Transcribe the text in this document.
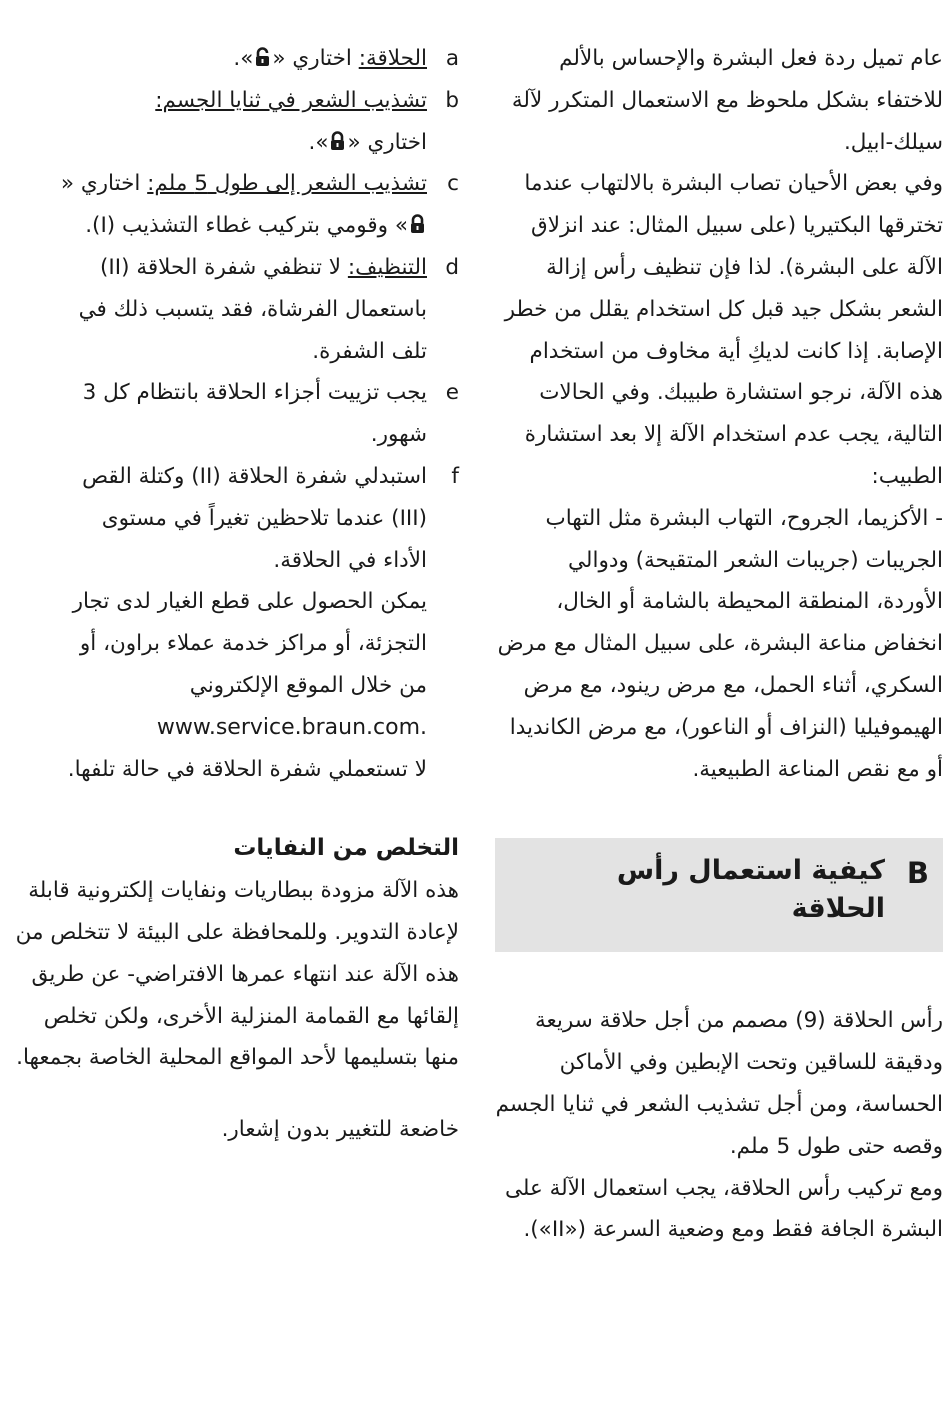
عام تميل ردة فعل البشرة والإحساس بالألم للاختفاء بشكل ملحوظ مع الاستعمال المتكرر لآلة سيلك-ابيل.

وفي بعض الأحيان تصاب البشرة بالالتهاب عندما تخترقها البكتيريا (على سبيل المثال: عند انزلاق الآلة على البشرة). لذا فإن تنظيف رأس إزالة الشعر بشكل جيد قبل كل استخدام يقلل من خطر الإصابة. إذا كانت لديكِ أية مخاوف من استخدام هذه الآلة، نرجو استشارة طبيبك. وفي الحالات التالية، يجب عدم استخدام الآلة إلا بعد استشارة الطبيب:

- الأكزيما، الجروح، التهاب البشرة مثل التهاب الجريبات (جريبات الشعر المتقيحة) ودوالي الأوردة، المنطقة المحيطة بالشامة أو الخال، انخفاض مناعة البشرة، على سبيل المثال مع مرض السكري، أثناء الحمل، مع مرض رينود، مع مرض الهيموفيليا (النزاف أو الناعور)، مع مرض الكانديدا أو مع نقص المناعة الطبيعية.

B
كيفية استعمال رأس الحلاقة

رأس الحلاقة (9) مصمم من أجل حلاقة سريعة ودقيقة للساقين وتحت الإبطين وفي الأماكن الحساسة، ومن أجل تشذيب الشعر في ثنايا الجسم وقصه حتى طول 5 ملم.

ومع تركيب رأس الحلاقة، يجب استعمال الآلة على البشرة الجافة فقط ومع وضعية السرعة («II»).

a

الحلاقة: اختاري «
».

b

تشذيب الشعر في ثنايا الجسم:
اختاري «
».

c

تشذيب الشعر إلى طول 5 ملم: اختاري «
» وقومي بتركيب غطاء التشذيب (I).

d

التنظيف: لا تنظفي شفرة الحلاقة (II) باستعمال الفرشاة، فقد يتسبب ذلك في تلف الشفرة.

e

يجب تزييت أجزاء الحلاقة بانتظام كل 3 شهور.

f

استبدلي شفرة الحلاقة (II) وكتلة القص (III) عندما تلاحظين تغيراً في مستوى الأداء في الحلاقة.

يمكن الحصول على قطع الغيار لدى تجار التجزئة، أو مراكز خدمة عملاء براون، أو من خلال الموقع الإلكتروني

www.service.braun.com.

لا تستعملي شفرة الحلاقة في حالة تلفها.

التخلص من النفايات

هذه الآلة مزودة ببطاريات ونفايات إلكترونية قابلة لإعادة التدوير. وللمحافظة على البيئة لا تتخلص من هذه الآلة عند انتهاء عمرها الافتراضي- عن طريق إلقائها مع القمامة المنزلية الأخرى، ولكن تخلص منها بتسليمها لأحد المواقع المحلية الخاصة بجمعها.

خاضعة للتغيير بدون إشعار.
